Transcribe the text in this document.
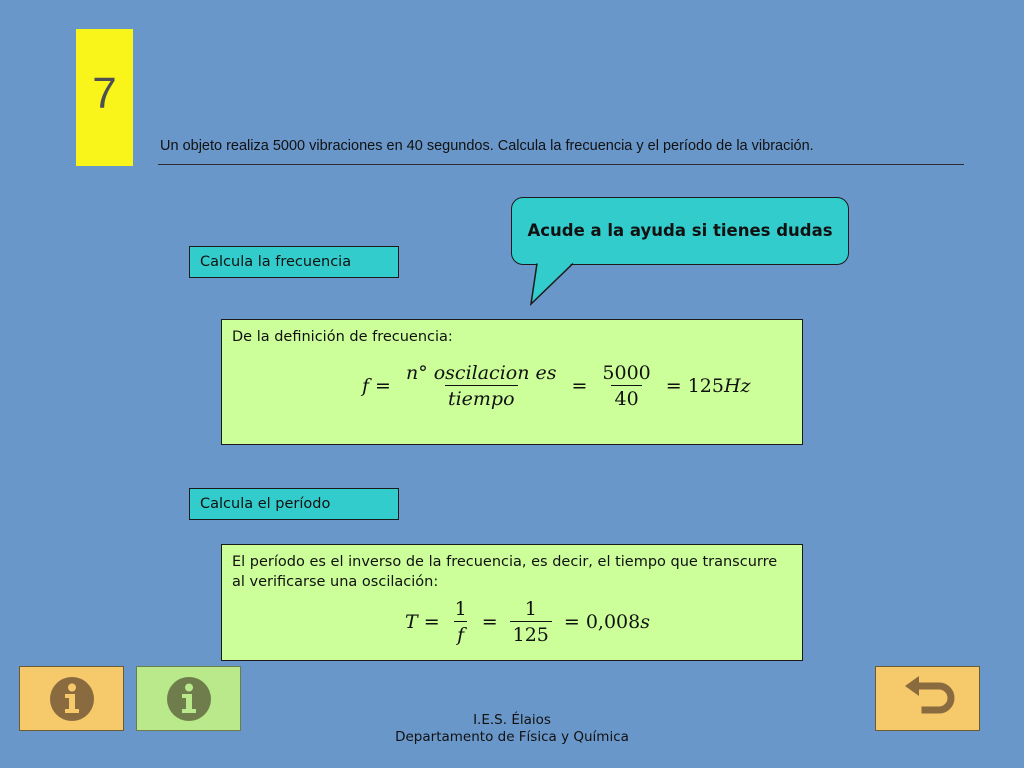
7
Un objeto realiza 5000 vibraciones en 40 segundos. Calcula la frecuencia y el período de la vibración.
Acude a la ayuda si tienes dudas
Calcula la frecuencia
De la definición de frecuencia:
$f = \frac{\text{n° oscilacion es}}{\text{tiempo}} = \frac{5000}{40} = 125$ Hz
Calcula el período
El período es el inverso de la frecuencia, es decir, el tiempo que transcurre al verificarse una oscilación:
$T = \frac{1}{f} = \frac{1}{125} = 0,008$ s
I.E.S. Élaios
Departamento de Física y Química
